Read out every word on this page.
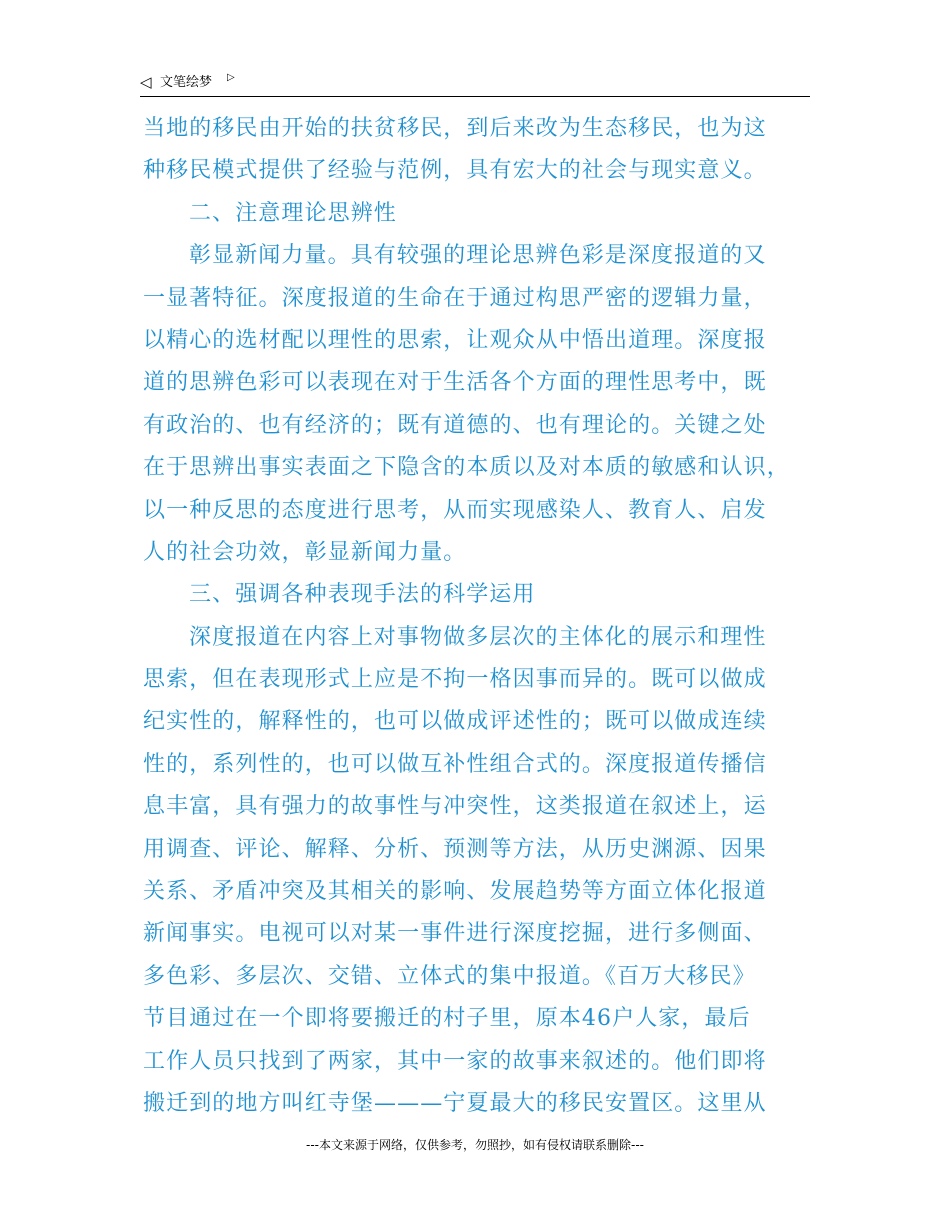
◁ 文笔绘梦 ▷
当地的移民由开始的扶贫移民，到后来改为生态移民，也为这
种移民模式提供了经验与范例，具有宏大的社会与现实意义。
二、注意理论思辨性
彰显新闻力量。具有较强的理论思辨色彩是深度报道的又
一显著特征。深度报道的生命在于通过构思严密的逻辑力量，
以精心的选材配以理性的思索，让观众从中悟出道理。深度报
道的思辨色彩可以表现在对于生活各个方面的理性思考中，既
有政治的、也有经济的；既有道德的、也有理论的。关键之处
在于思辨出事实表面之下隐含的本质以及对本质的敏感和认识，
以一种反思的态度进行思考，从而实现感染人、教育人、启发
人的社会功效，彰显新闻力量。
三、强调各种表现手法的科学运用
深度报道在内容上对事物做多层次的主体化的展示和理性
思索，但在表现形式上应是不拘一格因事而异的。既可以做成
纪实性的，解释性的，也可以做成评述性的；既可以做成连续
性的，系列性的，也可以做互补性组合式的。深度报道传播信
息丰富，具有强力的故事性与冲突性，这类报道在叙述上，运
用调查、评论、解释、分析、预测等方法，从历史渊源、因果
关系、矛盾冲突及其相关的影响、发展趋势等方面立体化报道
新闻事实。电视可以对某一事件进行深度挖掘，进行多侧面、
多色彩、多层次、交错、立体式的集中报道。《百万大移民》
节目通过在一个即将要搬迁的村子里，原本46户人家，最后
工作人员只找到了两家，其中一家的故事来叙述的。他们即将
搬迁到的地方叫红寺堡———宁夏最大的移民安置区。这里从
---本文来源于网络，仅供参考，勿照抄，如有侵权请联系删除---
